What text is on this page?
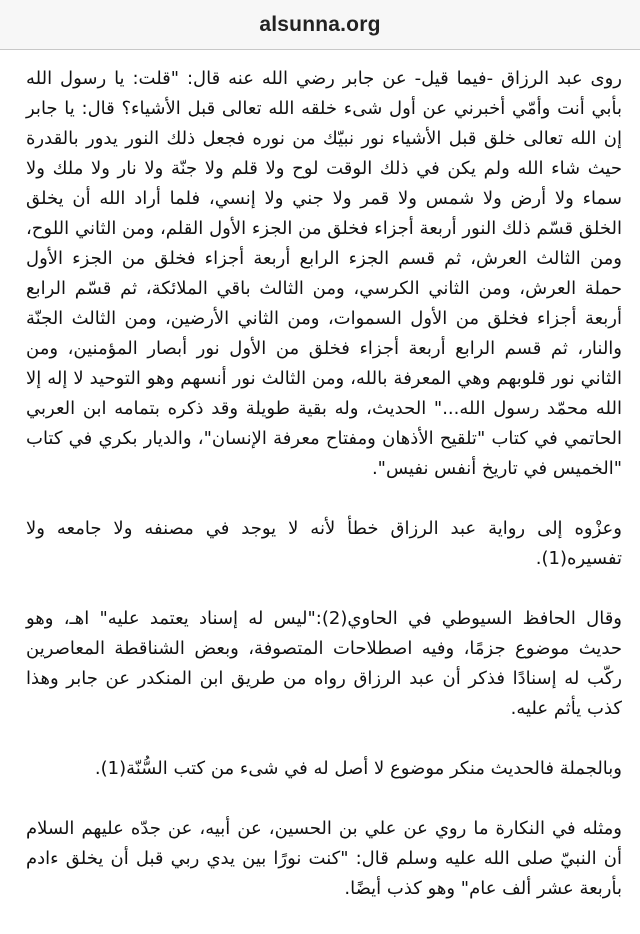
alsunna.org

روى عبد الرزاق -فيما قيل- عن جابر رضي الله عنه قال: "قلت: يا رسول الله بأبي أنت وأمّي أخبرني عن أول شىء خلقه الله تعالى قبل الأشياء؟ قال: يا جابر إن الله تعالى خلق قبل الأشياء نور نبيّك من نوره فجعل ذلك النور يدور بالقدرة حيث شاء الله ولم يكن في ذلك الوقت لوح ولا قلم ولا جنّة ولا نار ولا ملك ولا سماء ولا أرض ولا شمس ولا قمر ولا جني ولا إنسي، فلما أراد الله أن يخلق الخلق قسّم ذلك النور أربعة أجزاء فخلق من الجزء الأول القلم، ومن الثاني اللوح، ومن الثالث العرش، ثم قسم الجزء الرابع أربعة أجزاء فخلق من الجزء الأول حملة العرش، ومن الثاني الكرسي، ومن الثالث باقي الملائكة، ثم قسّم الرابع أربعة أجزاء فخلق من الأول السموات، ومن الثاني الأرضين، ومن الثالث الجنّة والنار، ثم قسم الرابع أربعة أجزاء فخلق من الأول نور أبصار المؤمنين، ومن الثاني نور قلوبهم وهي المعرفة بالله، ومن الثالث نور أنسهم وهو التوحيد لا إله إلا الله محمّد رسول الله..." الحديث، وله بقية طويلة وقد ذكره بتمامه ابن العربي الحاتمي في كتاب "تلقيح الأذهان ومفتاح معرفة الإنسان"، والديار بكري في كتاب "الخميس في تاريخ أنفس نفيس".

وعزْوه إلى رواية عبد الرزاق خطأ لأنه لا يوجد في مصنفه ولا جامعه ولا تفسيره(1).

وقال الحافظ السيوطي في الحاوي(2):"ليس له إسناد يعتمد عليه" اهـ، وهو حديث موضوع جزمًا، وفيه اصطلاحات المتصوفة، وبعض الشناقطة المعاصرين ركّب له إسنادًا فذكر أن عبد الرزاق رواه من طريق ابن المنكدر عن جابر وهذا كذب يأثم عليه.

وبالجملة فالحديث منكر موضوع لا أصل له في شىء من كتب السُّنّة(1).

ومثله في النكارة ما روي عن علي بن الحسين، عن أبيه، عن جدّه عليهم السلام أن النبيّ صلى الله عليه وسلم قال: "كنت نورًا بين يدي ربي قبل أن يخلق ءادم بأربعة عشر ألف عام" وهو كذب أيضًا.
